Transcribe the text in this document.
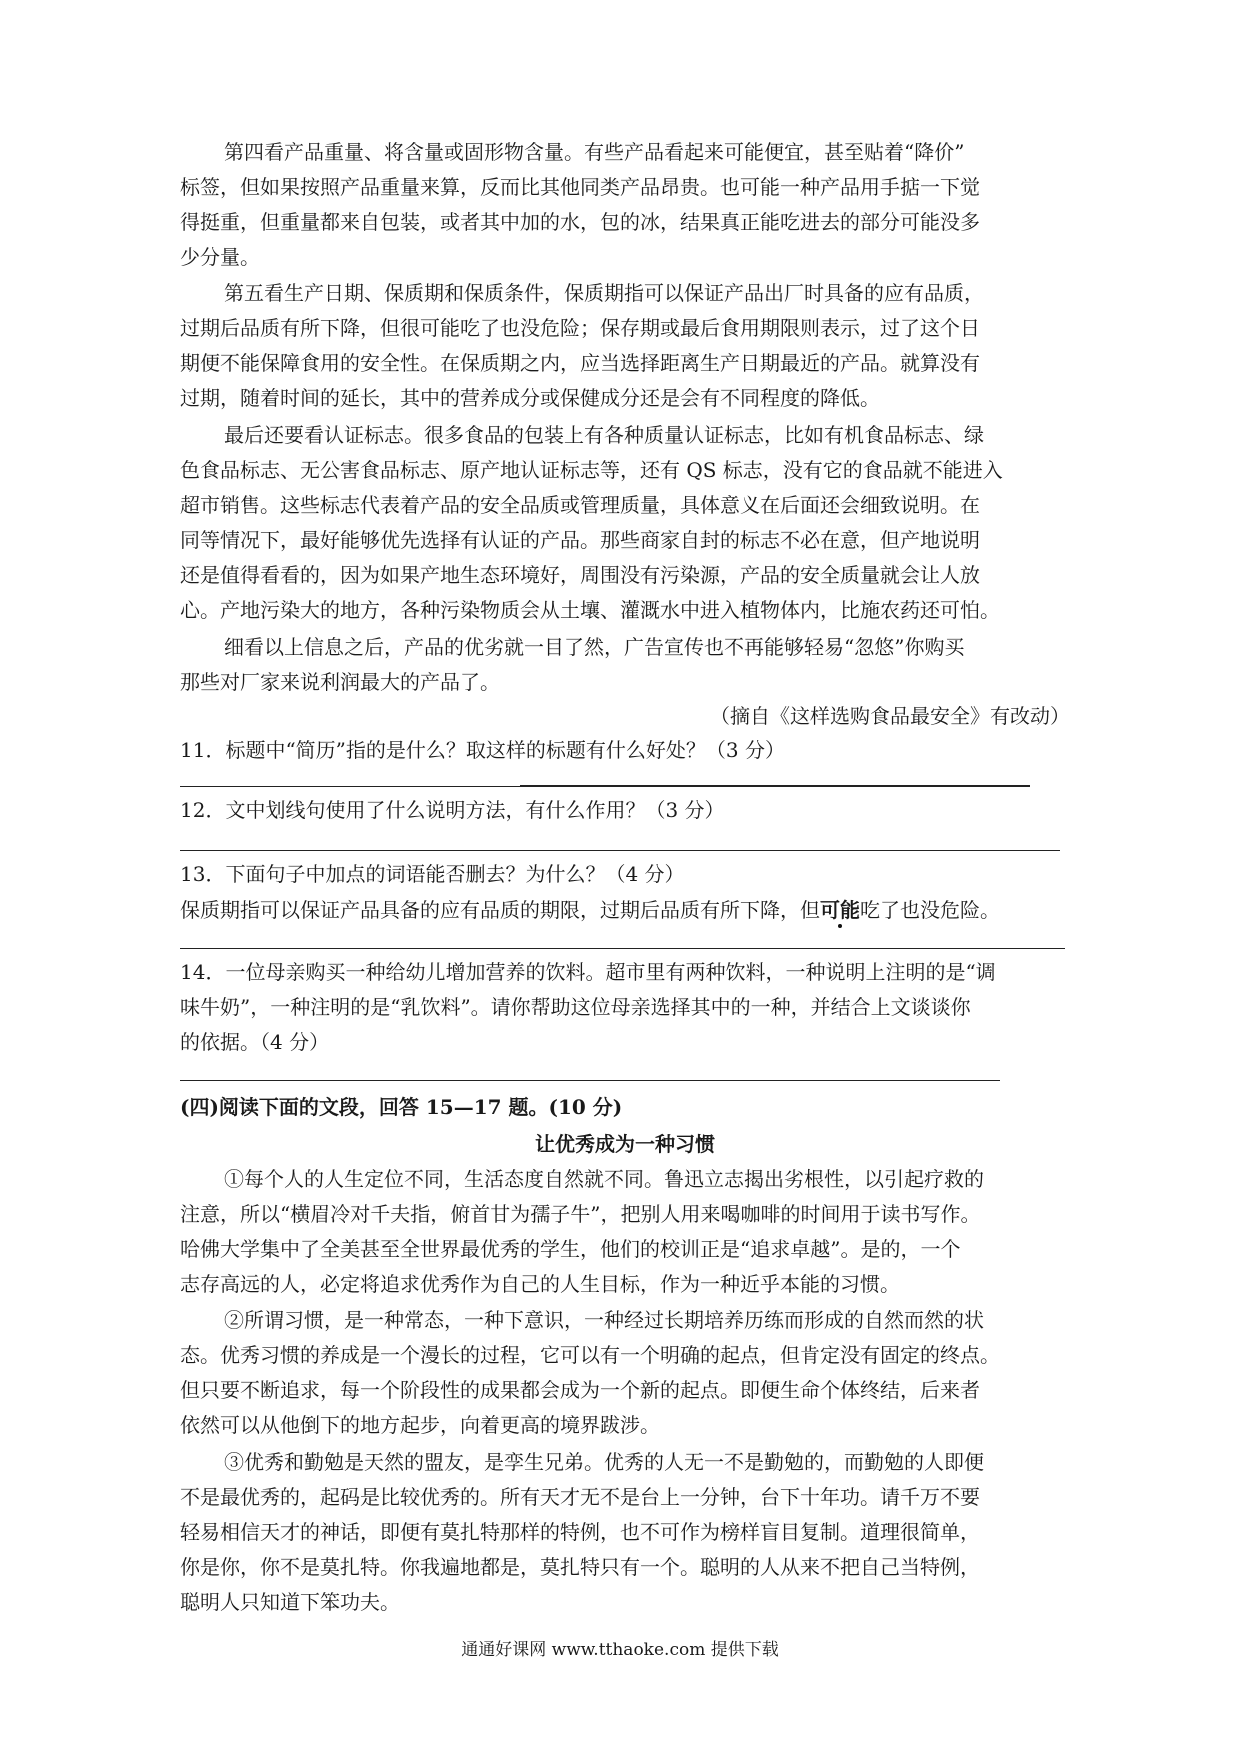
第四看产品重量、将含量或固形物含量。有些产品看起来可能便宜，甚至贴着“降价”
标签，但如果按照产品重量来算，反而比其他同类产品昂贵。也可能一种产品用手掂一下觉
得挺重，但重量都来自包装，或者其中加的水，包的冰，结果真正能吃进去的部分可能没多
少分量。
第五看生产日期、保质期和保质条件，保质期指可以保证产品出厂时具备的应有品质，
过期后品质有所下降，但很可能吃了也没危险；保存期或最后食用期限则表示，过了这个日
期便不能保障食用的安全性。在保质期之内，应当选择距离生产日期最近的产品。就算没有
过期，随着时间的延长，其中的营养成分或保健成分还是会有不同程度的降低。
最后还要看认证标志。很多食品的包装上有各种质量认证标志，比如有机食品标志、绿
色食品标志、无公害食品标志、原产地认证标志等，还有 QS 标志，没有它的食品就不能进入
超市销售。这些标志代表着产品的安全品质或管理质量，具体意义在后面还会细致说明。在
同等情况下，最好能够优先选择有认证的产品。那些商家自封的标志不必在意，但产地说明
还是值得看看的，因为如果产地生态环境好，周围没有污染源，产品的安全质量就会让人放
心。产地污染大的地方，各种污染物质会从土壤、灌溉水中进入植物体内，比施农药还可怕。
细看以上信息之后，产品的优劣就一目了然，广告宣传也不再能够轻易“忽悠”你购买
那些对厂家来说利润最大的产品了。
（摘自《这样选购食品最安全》有改动）
11．标题中“简历”指的是什么？取这样的标题有什么好处？（3 分）
12．文中划线句使用了什么说明方法，有什么作用？（3 分）
13．下面句子中加点的词语能否删去？为什么？（4 分）
保质期指可以保证产品具备的应有品质的期限，过期后品质有所下降，但可能吃了也没危险。
14．一位母亲购买一种给幼儿增加营养的饮料。超市里有两种饮料，一种说明上注明的是“调
味牛奶”，一种注明的是“乳饮料”。请你帮助这位母亲选择其中的一种，并结合上文谈谈你
的依据。（4 分）
(四)阅读下面的文段，回答 15—17 题。(10 分)
让优秀成为一种习惯
①每个人的人生定位不同，生活态度自然就不同。鲁迅立志揭出劣根性，以引起疗救的
注意，所以“横眉冷对千夫指，俯首甘为孺子牛”，把别人用来喝咖啡的时间用于读书写作。
哈佛大学集中了全美甚至全世界最优秀的学生，他们的校训正是“追求卓越”。是的，一个
志存高远的人，必定将追求优秀作为自己的人生目标，作为一种近乎本能的习惯。
②所谓习惯，是一种常态，一种下意识，一种经过长期培养历练而形成的自然而然的状
态。优秀习惯的养成是一个漫长的过程，它可以有一个明确的起点，但肯定没有固定的终点。
但只要不断追求，每一个阶段性的成果都会成为一个新的起点。即便生命个体终结，后来者
依然可以从他倒下的地方起步，向着更高的境界跋涉。
③优秀和勤勉是天然的盟友，是孪生兄弟。优秀的人无一不是勤勉的，而勤勉的人即便
不是最优秀的，起码是比较优秀的。所有天才无不是台上一分钟，台下十年功。请千万不要
轻易相信天才的神话，即便有莫扎特那样的特例，也不可作为榜样盲目复制。道理很简单，
你是你，你不是莫扎特。你我遍地都是，莫扎特只有一个。聪明的人从来不把自己当特例，
聪明人只知道下笨功夫。
通通好课网 www.tthaoke.com 提供下载
